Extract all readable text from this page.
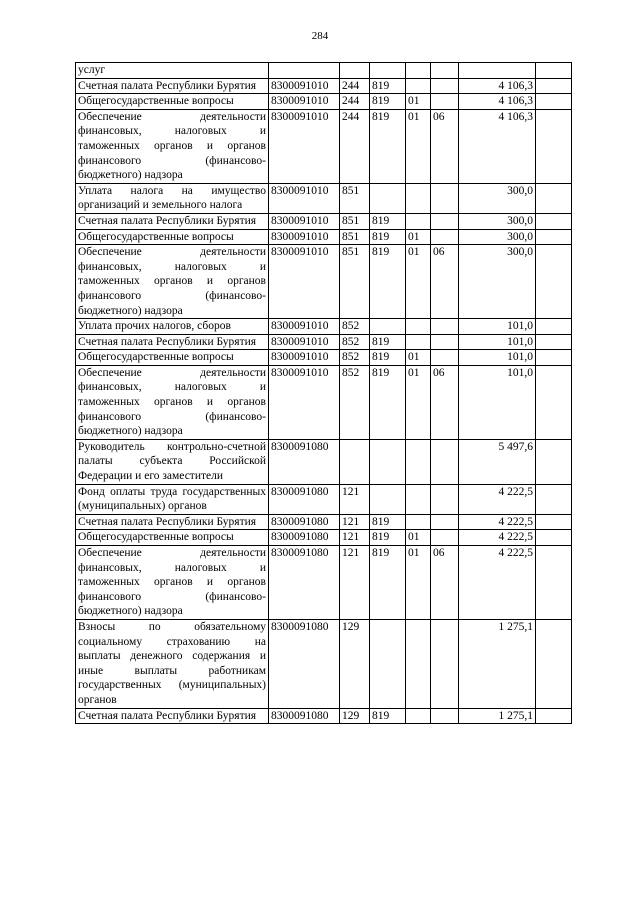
284
услуг							
Счетная палата Республики Бурятия	8300091010	244	819			4 106,3	
Общегосударственные вопросы	8300091010	244	819	01		4 106,3	
Обеспечение деятельности финансовых, налоговых и таможенных органов и органов финансового (финансово-бюджетного) надзора	8300091010	244	819	01	06	4 106,3	
Уплата налога на имущество организаций и земельного налога	8300091010	851				300,0	
Счетная палата Республики Бурятия	8300091010	851	819			300,0	
Общегосударственные вопросы	8300091010	851	819	01		300,0	
Обеспечение деятельности финансовых, налоговых и таможенных органов и органов финансового (финансово-бюджетного) надзора	8300091010	851	819	01	06	300,0	
Уплата прочих налогов, сборов	8300091010	852				101,0	
Счетная палата Республики Бурятия	8300091010	852	819			101,0	
Общегосударственные вопросы	8300091010	852	819	01		101,0	
Обеспечение деятельности финансовых, налоговых и таможенных органов и органов финансового (финансово-бюджетного) надзора	8300091010	852	819	01	06	101,0	
Руководитель контрольно-счетной палаты субъекта Российской Федерации и его заместители	8300091080					5 497,6	
Фонд оплаты труда государственных (муниципальных) органов	8300091080	121				4 222,5	
Счетная палата Республики Бурятия	8300091080	121	819			4 222,5	
Общегосударственные вопросы	8300091080	121	819	01		4 222,5	
Обеспечение деятельности финансовых, налоговых и таможенных органов и органов финансового (финансово-бюджетного) надзора	8300091080	121	819	01	06	4 222,5	
Взносы по обязательному социальному страхованию на выплаты денежного содержания и иные выплаты работникам государственных (муниципальных) органов	8300091080	129				1 275,1	
Счетная палата Республики Бурятия	8300091080	129	819			1 275,1	
